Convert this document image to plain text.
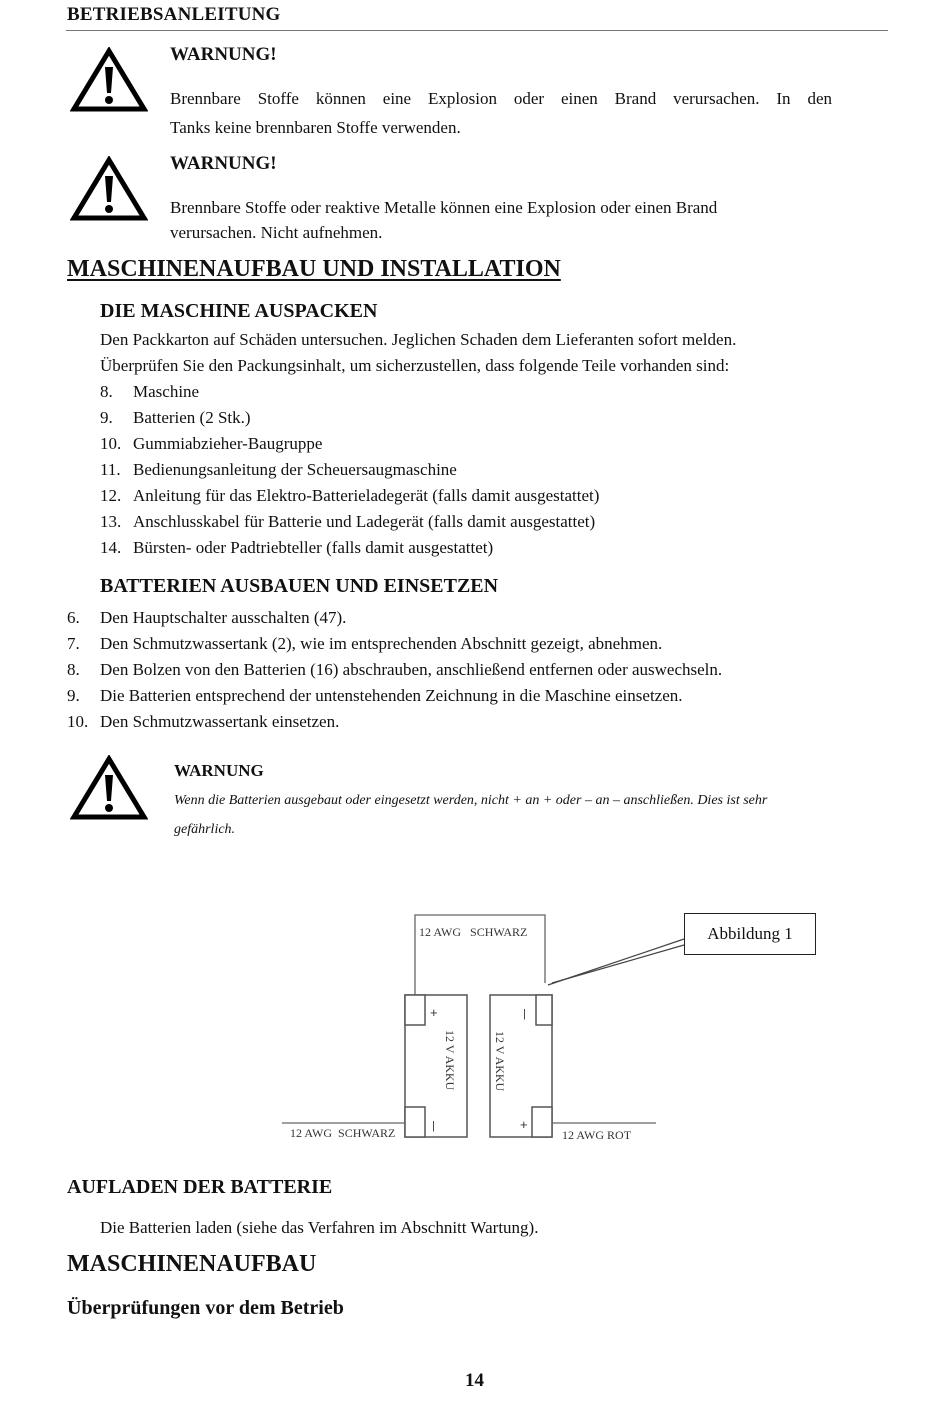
BETRIEBSANLEITUNG
WARNUNG!
Brennbare Stoffe können eine Explosion oder einen Brand verursachen. In den
Tanks keine brennbaren Stoffe verwenden.
WARNUNG!
Brennbare Stoffe oder reaktive Metalle können eine Explosion oder einen Brand
verursachen. Nicht aufnehmen.
MASCHINENAUFBAU UND INSTALLATION
DIE MASCHINE AUSPACKEN
Den Packkarton auf Schäden untersuchen. Jeglichen Schaden dem Lieferanten sofort melden.
Überprüfen Sie den Packungsinhalt, um sicherzustellen, dass folgende Teile vorhanden sind:
8. Maschine
9. Batterien (2 Stk.)
10. Gummiabzieher-Baugruppe
11. Bedienungsanleitung der Scheuersaugmaschine
12. Anleitung für das Elektro-Batterieladegerät (falls damit ausgestattet)
13. Anschlusskabel für Batterie und Ladegerät (falls damit ausgestattet)
14. Bürsten- oder Padtriebteller (falls damit ausgestattet)
BATTERIEN AUSBAUEN UND EINSETZEN
6. Den Hauptschalter ausschalten (47).
7. Den Schmutzwassertank (2), wie im entsprechenden Abschnitt gezeigt, abnehmen.
8. Den Bolzen von den Batterien (16) abschrauben, anschließend entfernen oder auswechseln.
9. Die Batterien entsprechend der untenstehenden Zeichnung in die Maschine einsetzen.
10. Den Schmutzwassertank einsetzen.
WARNUNG
Wenn die Batterien ausgebaut oder eingesetzt werden, nicht + an + oder – an – anschließen. Dies ist sehr
gefährlich.
12 AWG   SCHWARZ
12 AWG  SCHWARZ	12 AWG ROT
12 V AKKU	12 V AKKU
+
|
|
+
Abbildung 1
AUFLADEN DER BATTERIE
Die Batterien laden (siehe das Verfahren im Abschnitt Wartung).
MASCHINENAUFBAU
Überprüfungen vor dem Betrieb
14
